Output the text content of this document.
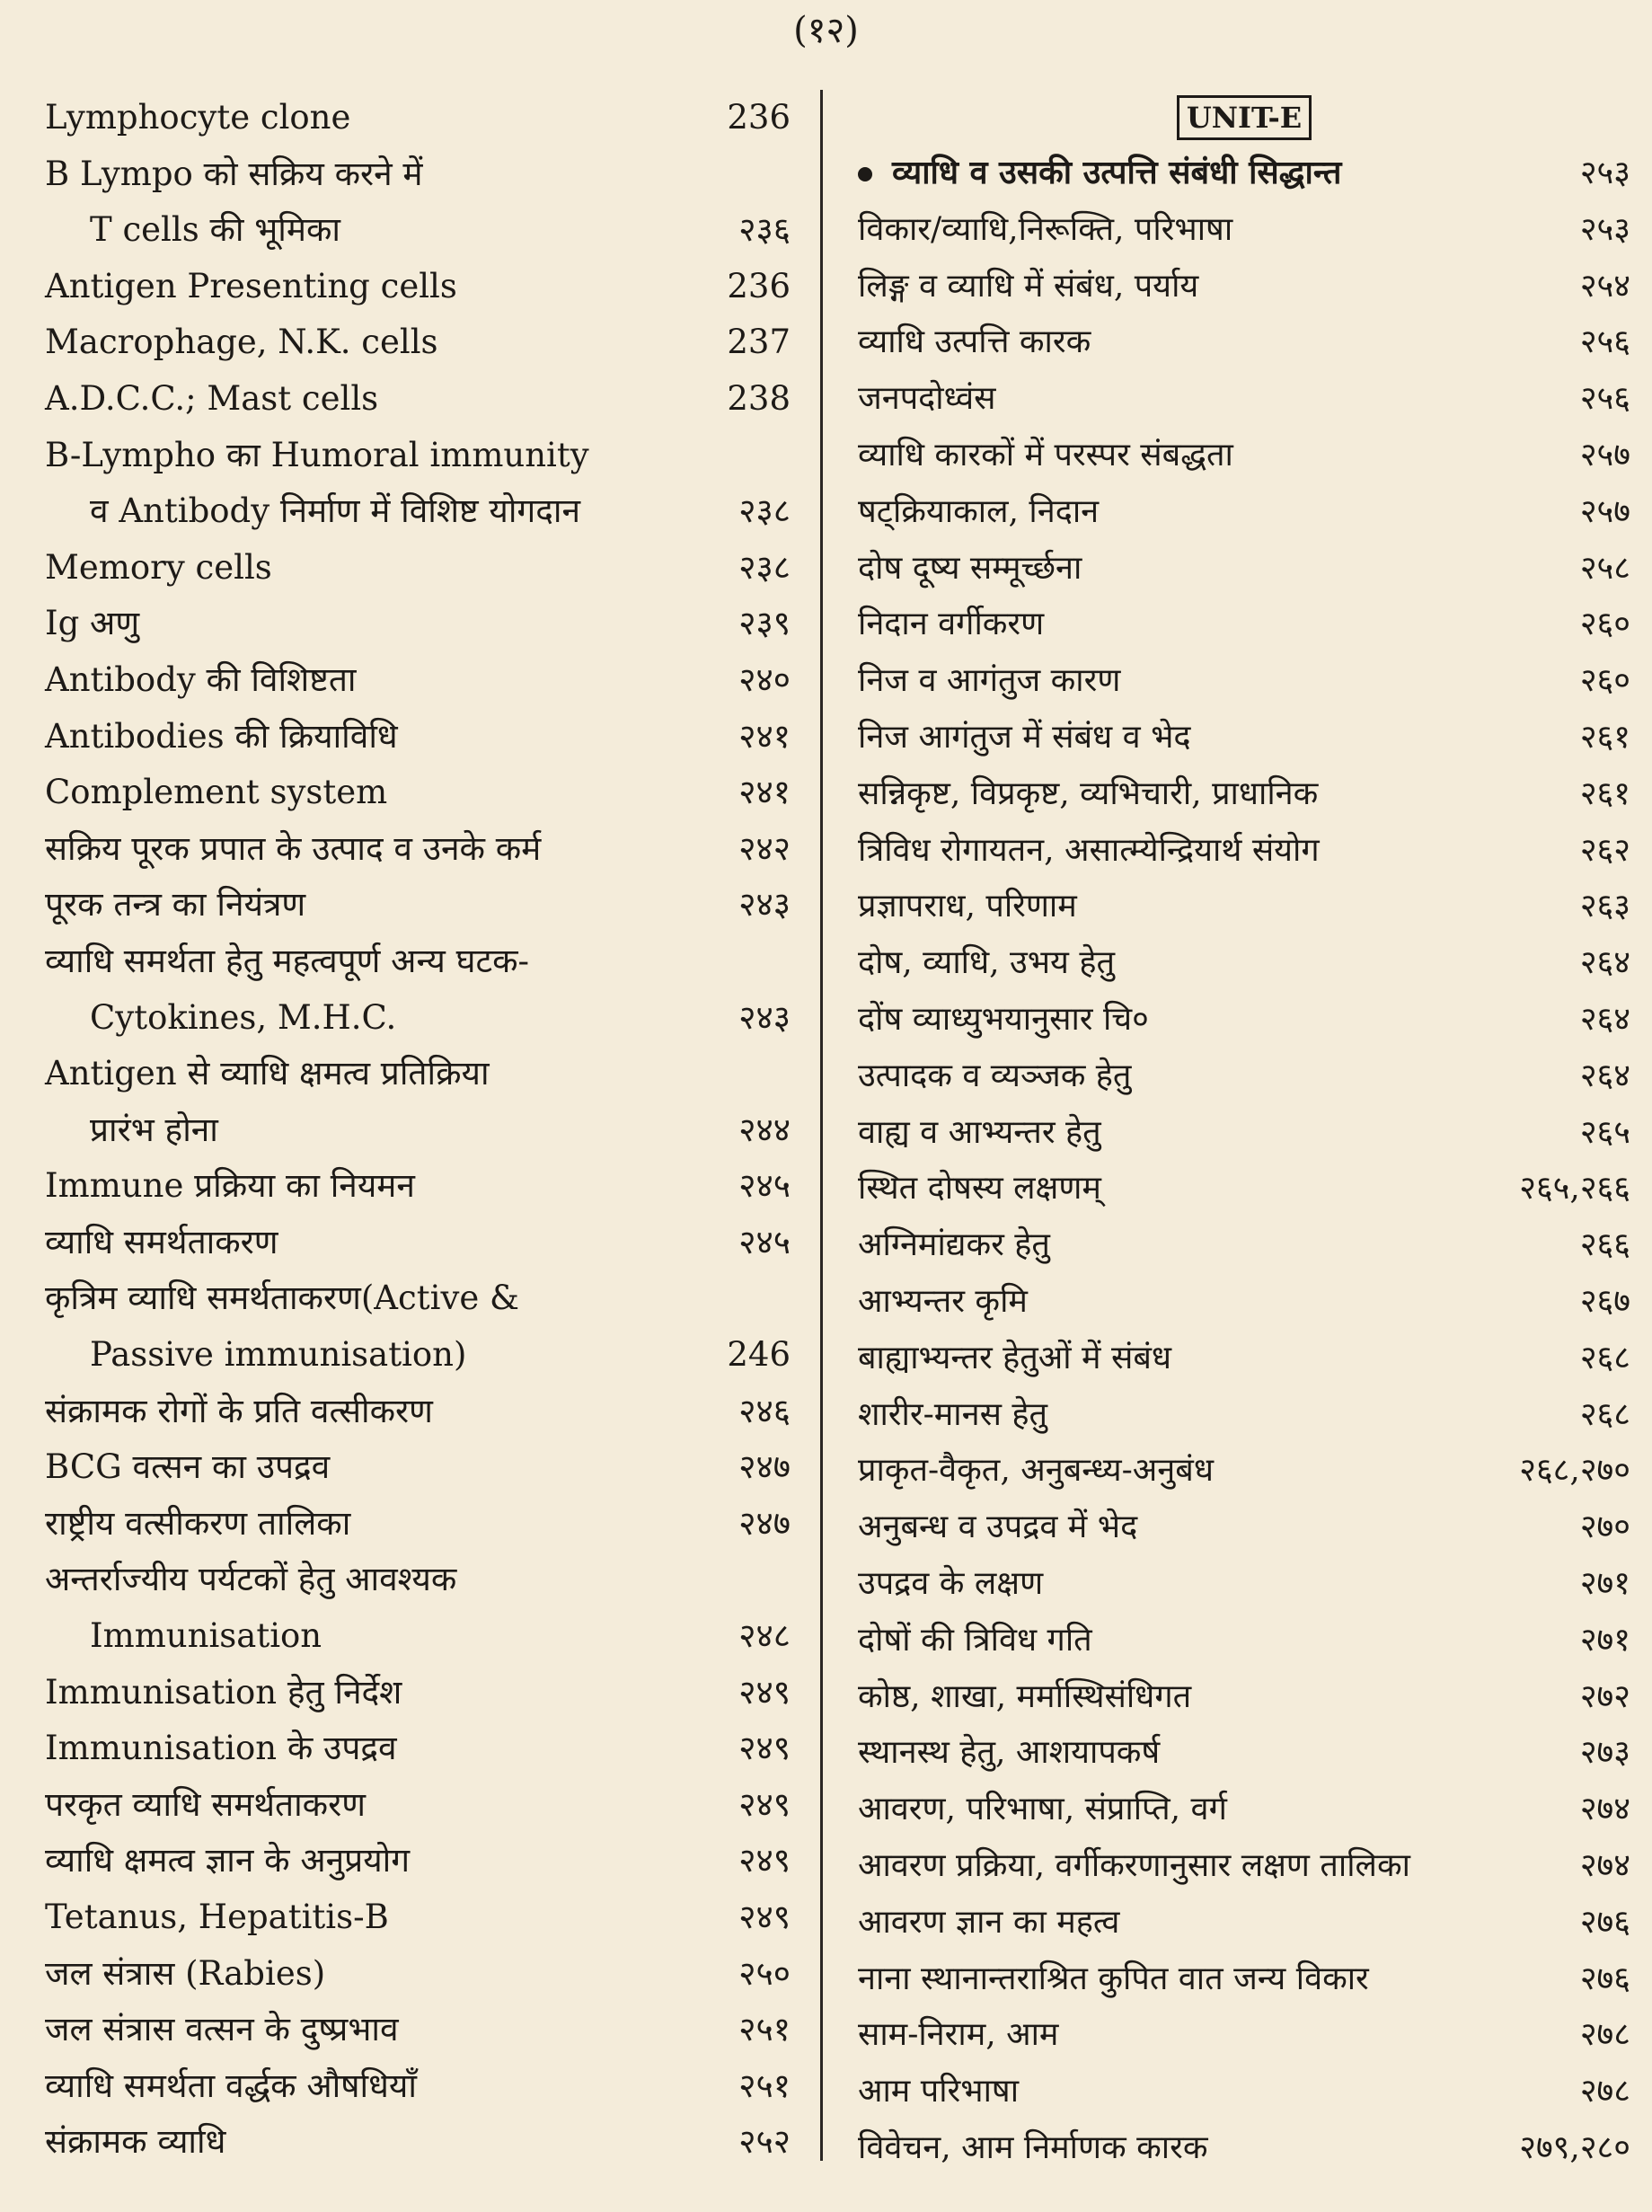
(१२)
Lymphocyte clone	236
B Lympo को सक्रिय करने में
T cells की भूमिका	२३६
Antigen Presenting cells	236
Macrophage, N.K. cells	237
A.D.C.C.; Mast cells	238
B-Lympho का Humoral immunity
व Antibody निर्माण में विशिष्ट योगदान	२३८
Memory cells	२३८
Ig अणु	२३९
Antibody की विशिष्टता	२४०
Antibodies की क्रियाविधि	२४१
Complement system	२४१
सक्रिय पूरक प्रपात के उत्पाद व उनके कर्म	२४२
पूरक तन्त्र का नियंत्रण	२४३
व्याधि समर्थता हेतु महत्वपूर्ण अन्य घटक-
Cytokines, M.H.C.	२४३
Antigen से व्याधि क्षमत्व प्रतिक्रिया
प्रारंभ होना	२४४
Immune प्रक्रिया का नियमन	२४५
व्याधि समर्थताकरण	२४५
कृत्रिम व्याधि समर्थताकरण(Active &
Passive immunisation)	246
संक्रामक रोगों के प्रति वत्सीकरण	२४६
BCG वत्सन का उपद्रव	२४७
राष्ट्रीय वत्सीकरण तालिका	२४७
अन्तर्राज्यीय पर्यटकों हेतु आवश्यक
Immunisation	२४८
Immunisation हेतु निर्देश	२४९
Immunisation के उपद्रव	२४९
परकृत व्याधि समर्थताकरण	२४९
व्याधि क्षमत्व ज्ञान के अनुप्रयोग	२४९
Tetanus, Hepatitis-B	२४९
जल संत्रास (Rabies)	२५०
जल संत्रास वत्सन के दुष्प्रभाव	२५१
व्याधि समर्थता वर्द्धक औषधियाँ	२५१
संक्रामक व्याधि	२५२
UNIT-E
व्याधि व उसकी उत्पत्ति संबंधी सिद्धान्त	२५३
विकार/व्याधि,निरूक्ति, परिभाषा	२५३
लिङ्ग व व्याधि में संबंध, पर्याय	२५४
व्याधि उत्पत्ति कारक	२५६
जनपदोध्वंस	२५६
व्याधि कारकों में परस्पर संबद्धता	२५७
षट्क्रियाकाल, निदान	२५७
दोष दूष्य सम्मूर्च्छना	२५८
निदान वर्गीकरण	२६०
निज व आगंतुज कारण	२६०
निज आगंतुज में संबंध व भेद	२६१
सन्निकृष्ट, विप्रकृष्ट, व्यभिचारी, प्राधानिक	२६१
त्रिविध रोगायतन, असात्म्येन्द्रियार्थ संयोग	२६२
प्रज्ञापराध, परिणाम	२६३
दोष, व्याधि, उभय हेतु	२६४
दोंष व्याध्युभयानुसार चि०	२६४
उत्पादक व व्यञ्जक हेतु	२६४
वाह्य व आभ्यन्तर हेतु	२६५
स्थित दोषस्य लक्षणम्	२६५,२६६
अग्निमांद्यकर हेतु	२६६
आभ्यन्तर कृमि	२६७
बाह्याभ्यन्तर हेतुओं में संबंध	२६८
शारीर-मानस हेतु	२६८
प्राकृत-वैकृत, अनुबन्ध्य-अनुबंध	२६८,२७०
अनुबन्ध व उपद्रव में भेद	२७०
उपद्रव के लक्षण	२७१
दोषों की त्रिविध गति	२७१
कोष्ठ, शाखा, मर्मास्थिसंधिगत	२७२
स्थानस्थ हेतु, आशयापकर्ष	२७३
आवरण, परिभाषा, संप्राप्ति, वर्ग	२७४
आवरण प्रक्रिया, वर्गीकरणानुसार लक्षण तालिका	२७४
आवरण ज्ञान का महत्व	२७६
नाना स्थानान्तराश्रित कुपित वात जन्य विकार	२७६
साम-निराम, आम	२७८
आम परिभाषा	२७८
विवेचन, आम निर्माणक कारक	२७९,२८०
